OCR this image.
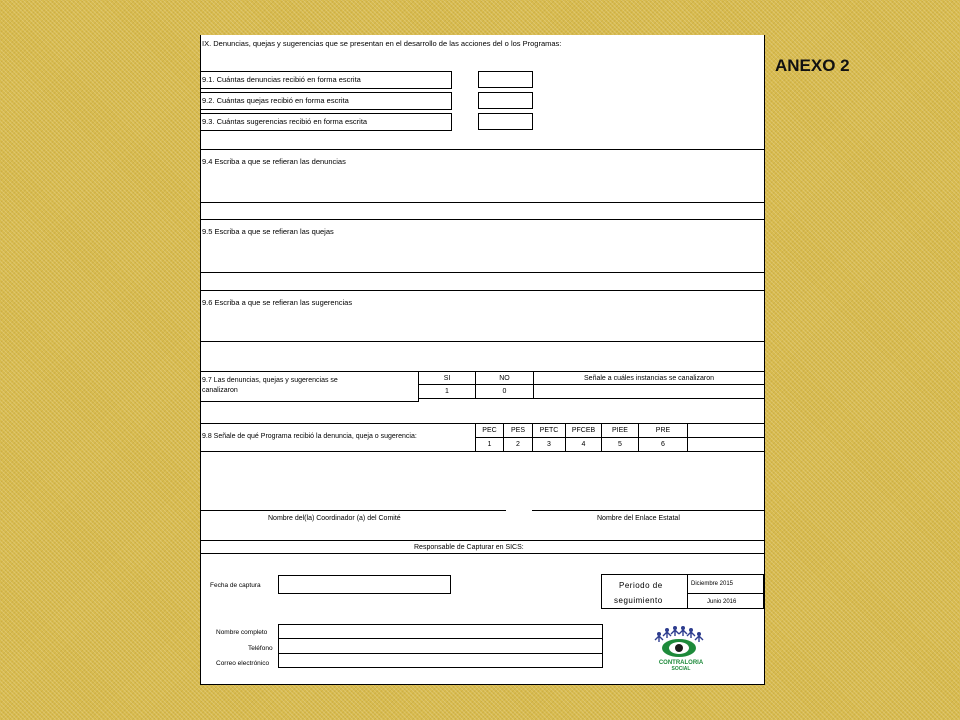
ANEXO 2
IX. Denuncias, quejas y sugerencias que se presentan en el desarrollo de las acciones del o los Programas:
9.1. Cuántas denuncias recibió en forma escrita
9.2. Cuántas quejas recibió en forma escrita
9.3. Cuántas sugerencias recibió en forma escrita
9.4 Escriba a que se refieran las denuncias
9.5 Escriba a que se refieran las quejas
9.6 Escriba a que se refieran las sugerencias
9.7 Las denuncias, quejas y sugerencias se
canalizaron
SI	NO	Señale a cuáles instancias se canalizaron
1	0
9.8 Señale de qué Programa recibió la denuncia, queja o sugerencia:
PEC	PES	PETC	PFCEB	PIEE	PRE
1	2	3	4	5	6
Nombre del(la) Coordinador (a) del Comité	Nombre del Enlace Estatal
Responsable de Capturar en SICS:
Fecha de captura	Periodo de
seguimiento
Diciembre 2015
Junio 2016
Nombre completo
Teléfono
Correo electrónico	CONTRALORIA
SOCIAL
